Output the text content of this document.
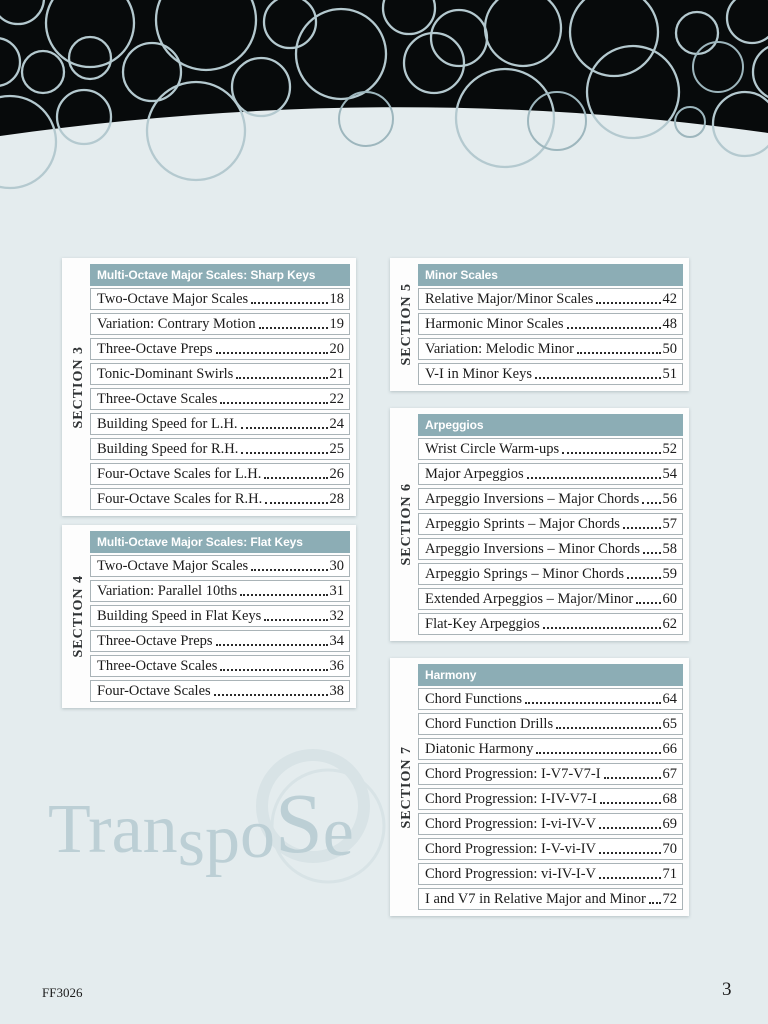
TranspoSe
SECTION 3
Multi-Octave Major Scales: Sharp Keys
Two-Octave Major Scales	18
Variation: Contrary Motion	19
Three-Octave Preps	20
Tonic-Dominant Swirls	21
Three-Octave Scales	22
Building Speed for L.H.	24
Building Speed for R.H.	25
Four-Octave Scales for L.H.	26
Four-Octave Scales for R.H.	28
SECTION 4
Multi-Octave Major Scales: Flat Keys
Two-Octave Major Scales	30
Variation: Parallel 10ths	31
Building Speed in Flat Keys	32
Three-Octave Preps	34
Three-Octave Scales	36
Four-Octave Scales	38
SECTION 5
Minor Scales
Relative Major/Minor Scales	42
Harmonic Minor Scales	48
Variation: Melodic Minor	50
V-I in Minor Keys	51
SECTION 6
Arpeggios
Wrist Circle Warm-ups	52
Major Arpeggios	54
Arpeggio Inversions – Major Chords 56
Arpeggio Sprints – Major Chords	57
Arpeggio Inversions – Minor Chords 58
Arpeggio Springs – Minor Chords	59
Extended Arpeggios – Major/Minor 60
Flat-Key Arpeggios	62
SECTION 7
Harmony
Chord Functions	64
Chord Function Drills	65
Diatonic Harmony	66
Chord Progression: I-V7-V7-I	67
Chord Progression: I-IV-V7-I	68
Chord Progression: I-vi-IV-V	69
Chord Progression: I-V-vi-IV	70
Chord Progression: vi-IV-I-V	71
I and V7 in Relative Major and Minor 72
FF3026	3
